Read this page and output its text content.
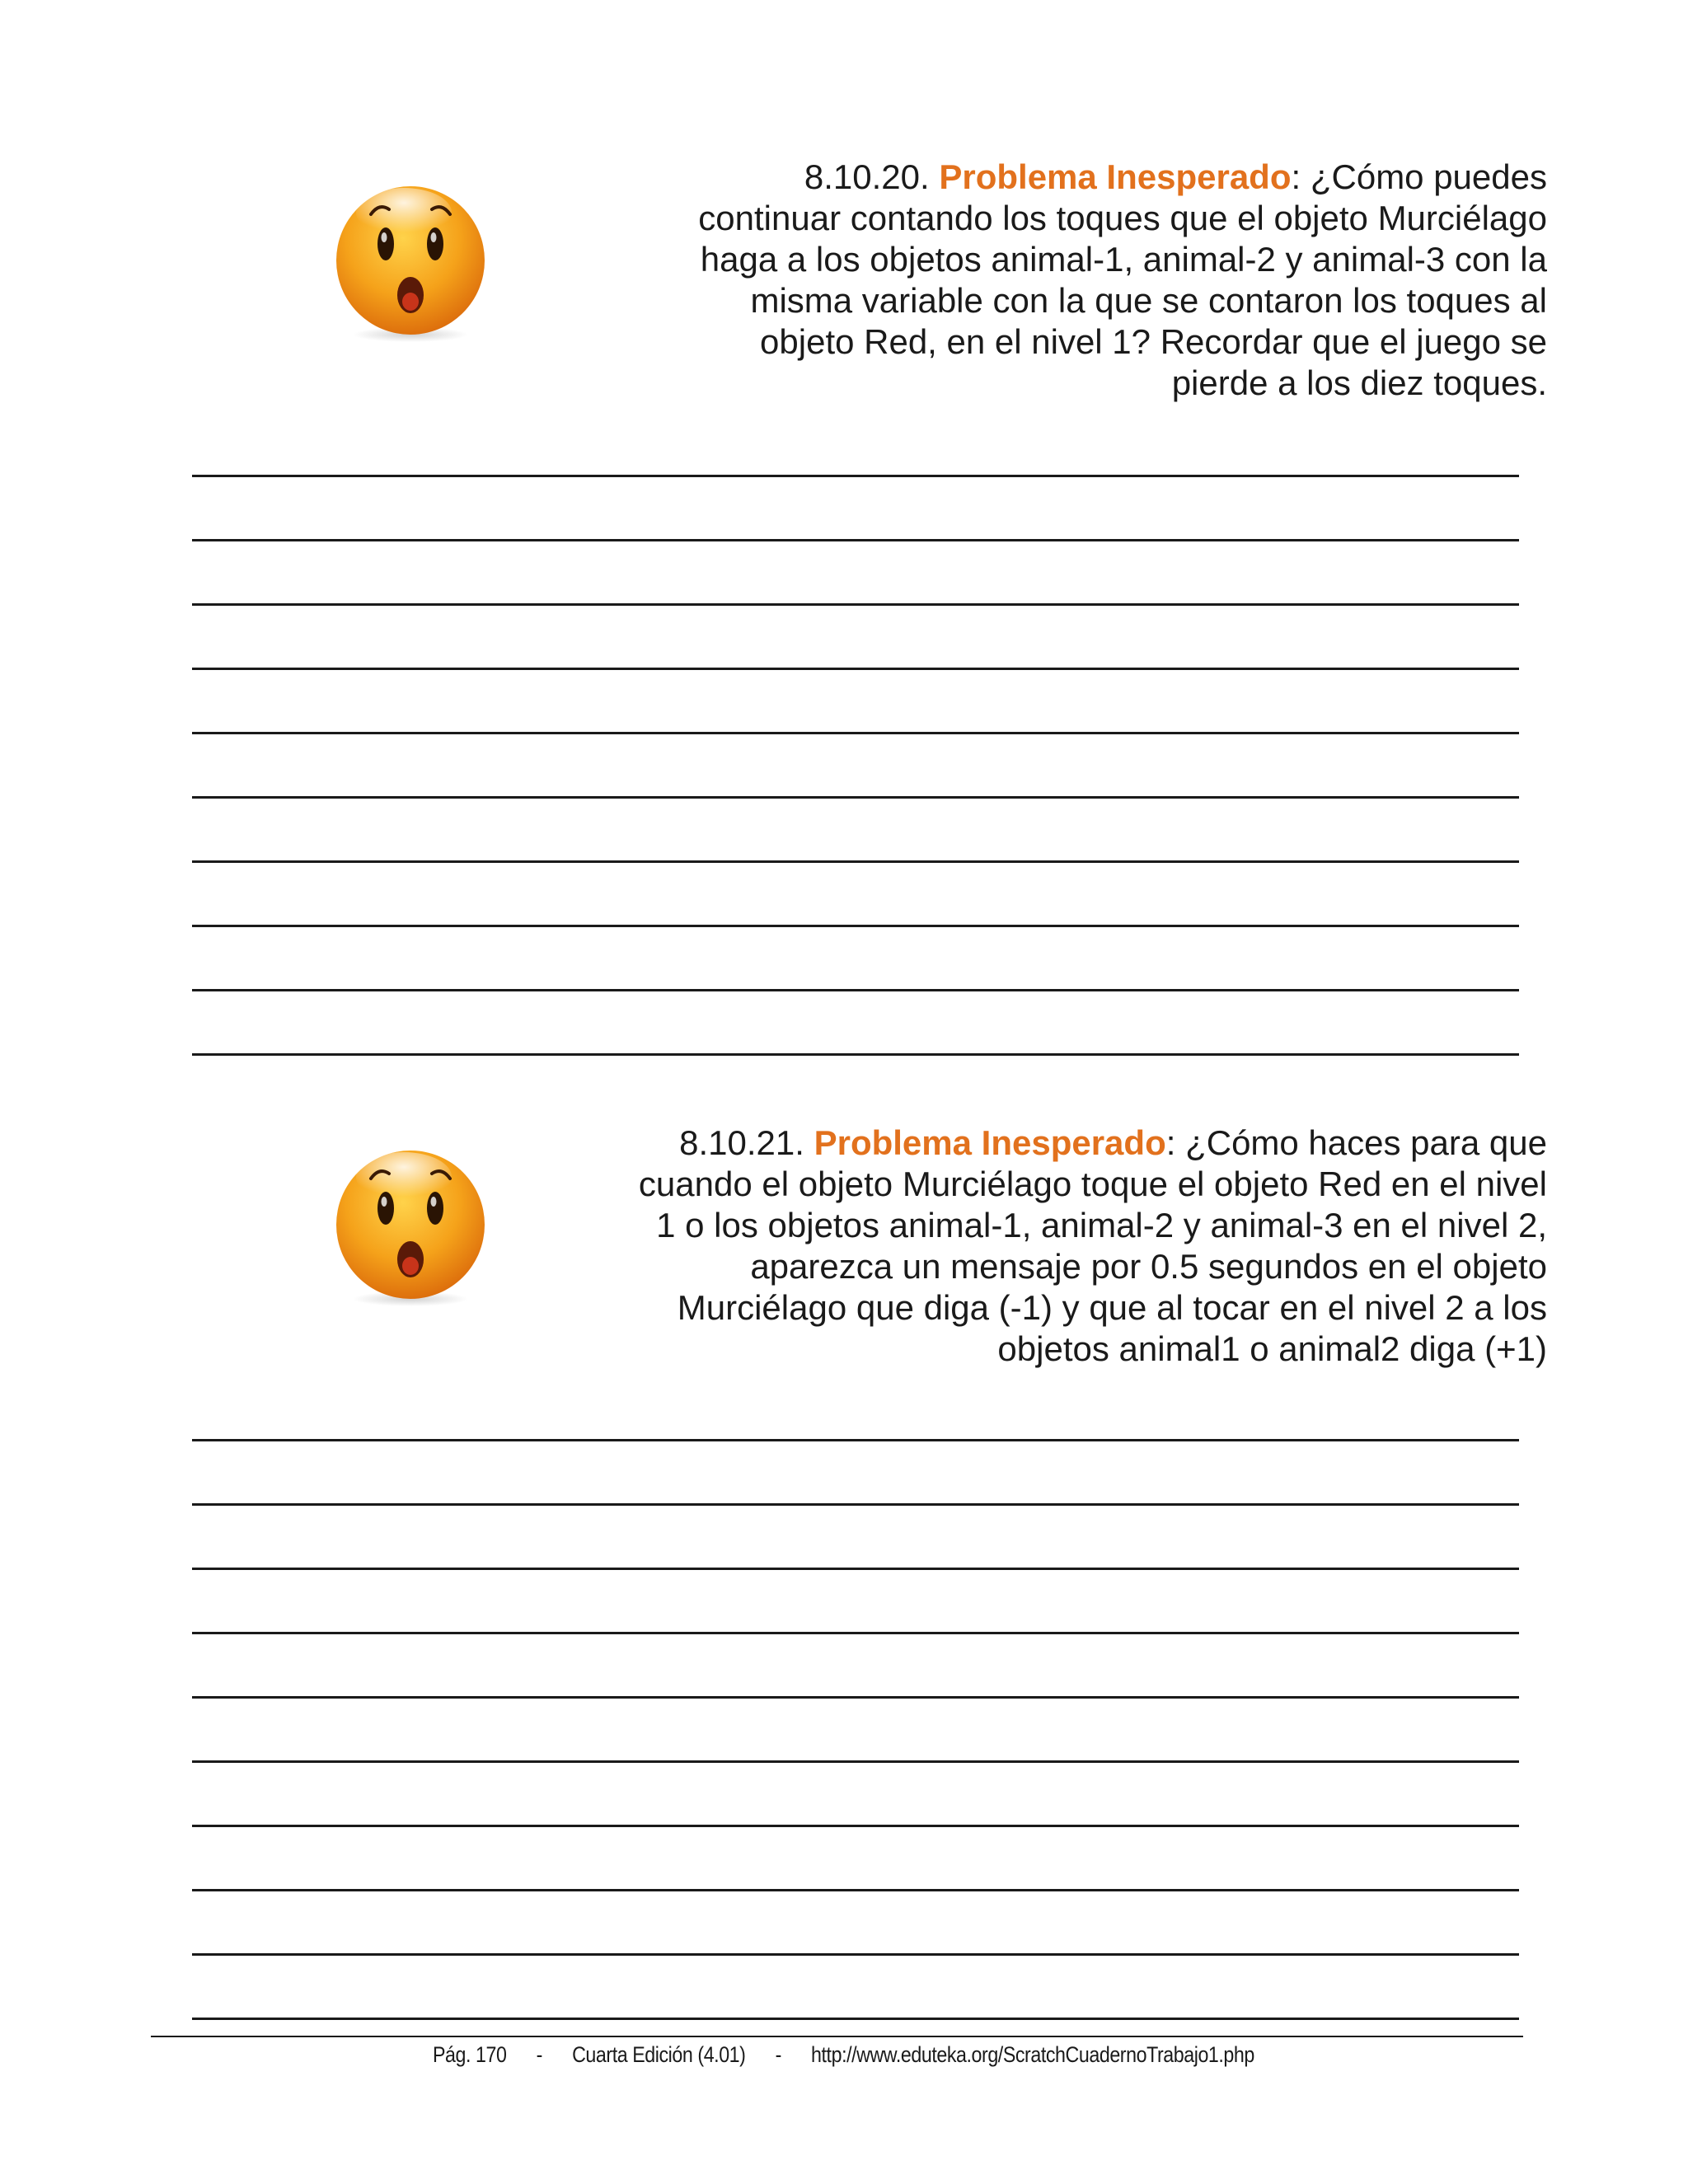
8.10.20. Problema Inesperado: ¿Cómo puedes continuar contando los toques que el objeto Murciélago haga a los objetos animal-1, animal-2 y animal-3 con la misma variable con la que se contaron los toques al objeto Red, en el nivel 1? Recordar que el juego se pierde a los diez toques.

8.10.21. Problema Inesperado: ¿Cómo haces para que cuando el objeto Murciélago toque el objeto Red en el nivel 1 o los objetos animal-1, animal-2 y animal-3 en el nivel 2, aparezca un mensaje por 0.5 segundos en el objeto Murciélago que diga (-1) y que al tocar en el nivel 2 a los objetos animal1 o animal2 diga (+1)

Pág. 170 - Cuarta Edición (4.01) - http://www.eduteka.org/ScratchCuadernoTrabajo1.php
